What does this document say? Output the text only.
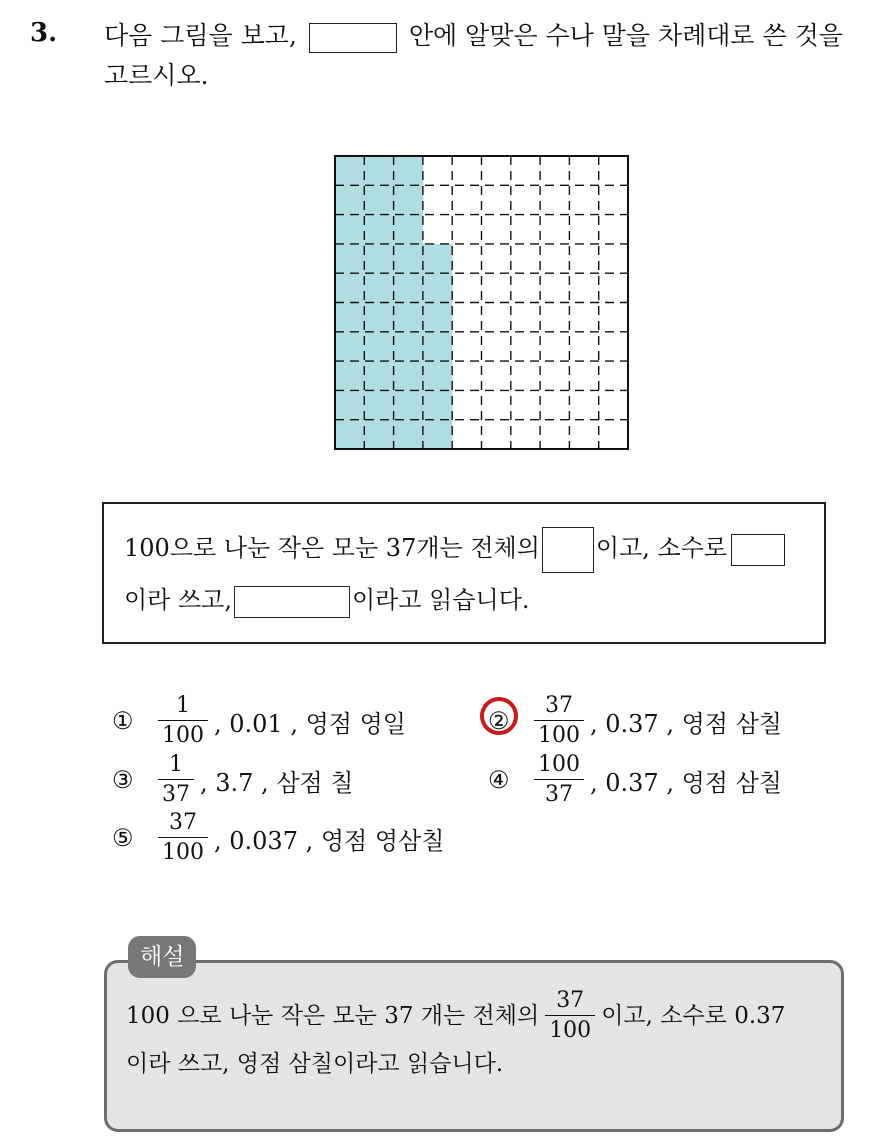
3. 다음 그림을 보고,	안에 알맞은 수나 말을 차례대로 쓴 것을
고르시오.
100으로 나눈 작은 모눈 37개는 전체의 이고, 소수로
이라 쓰고,	이라고 읽습니다.
①	$\frac{1}{100}$ , 0.01 , 영점 영일	②	$\frac{37}{100}$ , 0.37 , 영점 삼칠
③	$\frac{1}{37}$ , 3.7 , 삼점 칠	④	$\frac{100}{37}$ , 0.37 , 영점 삼칠
⑤	$\frac{37}{100}$ , 0.037 , 영점 영삼칠
해설
100 으로 나눈 작은 모눈 37 개는 전체의 $\frac{37}{100}$ 이고, 소수로 0.37
이라 쓰고, 영점 삼칠이라고 읽습니다.
